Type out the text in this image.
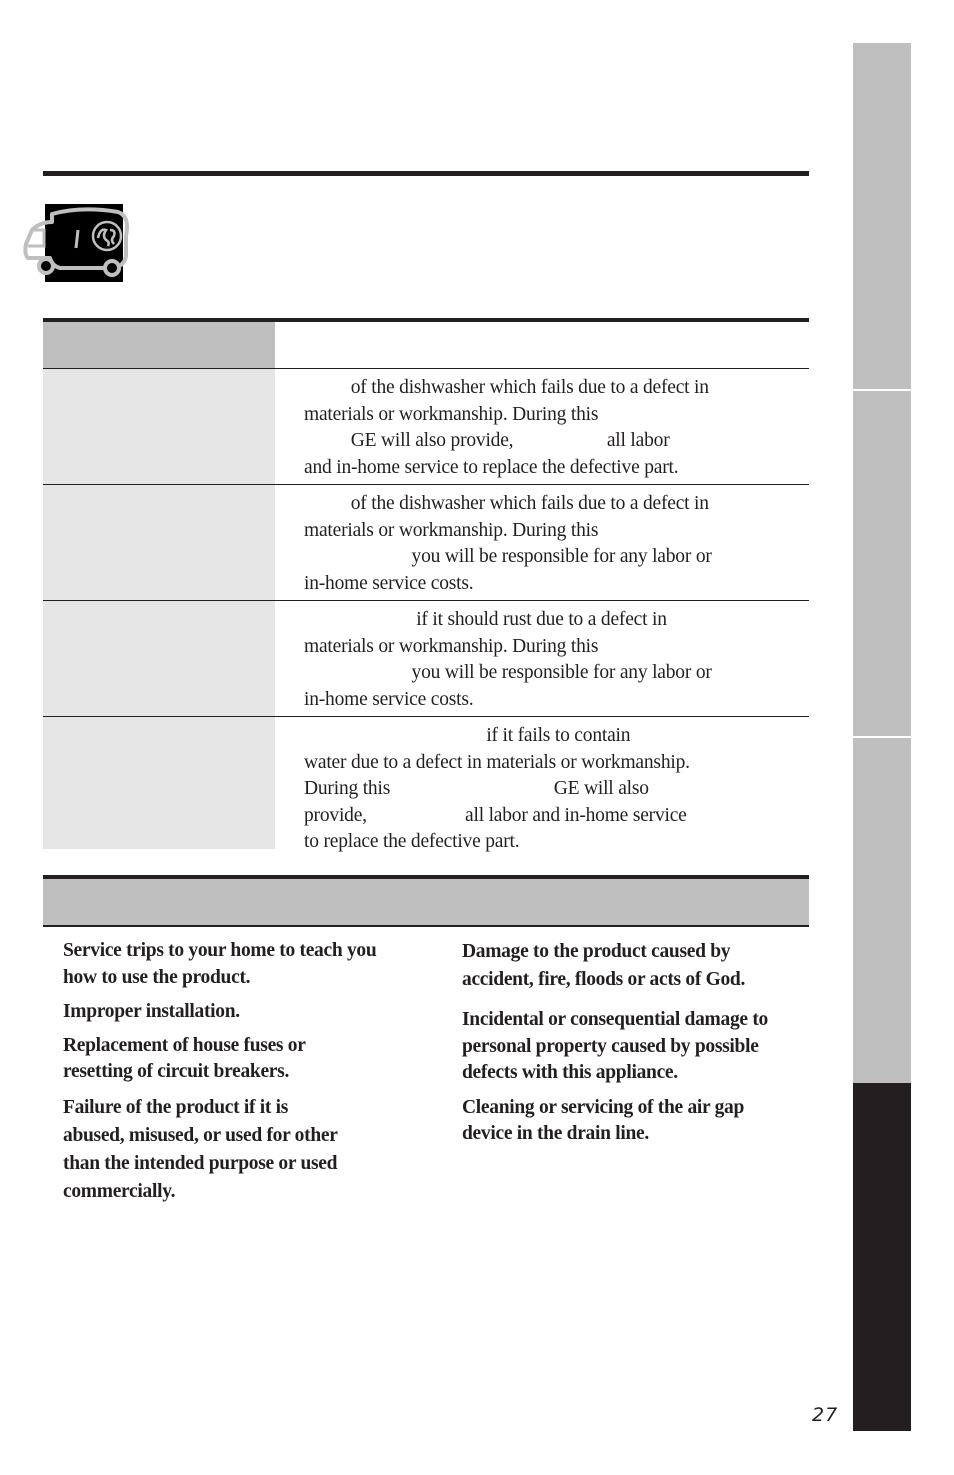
of the dishwasher which fails due to a defect in
materials or workmanship. During this
GE will also provide,                    all labor
and in-home service to replace the defective part.
of the dishwasher which fails due to a defect in
materials or workmanship. During this
you will be responsible for any labor or
in-home service costs.
if it should rust due to a defect in
materials or workmanship. During this
you will be responsible for any labor or
in-home service costs.
if it fails to contain
water due to a defect in materials or workmanship.
During this                                   GE will also
provide,                     all labor and in-home service
to replace the defective part.

Service trips to your home to teach you
how to use the product.

Improper installation.

Replacement of house fuses or
resetting of circuit breakers.

Failure of the product if it is
abused, misused, or used for other
than the intended purpose or used
commercially.

Damage to the product caused by
accident, fire, floods or acts of God.

Incidental or consequential damage to
personal property caused by possible
defects with this appliance.

Cleaning or servicing of the air gap
device in the drain line.

27
